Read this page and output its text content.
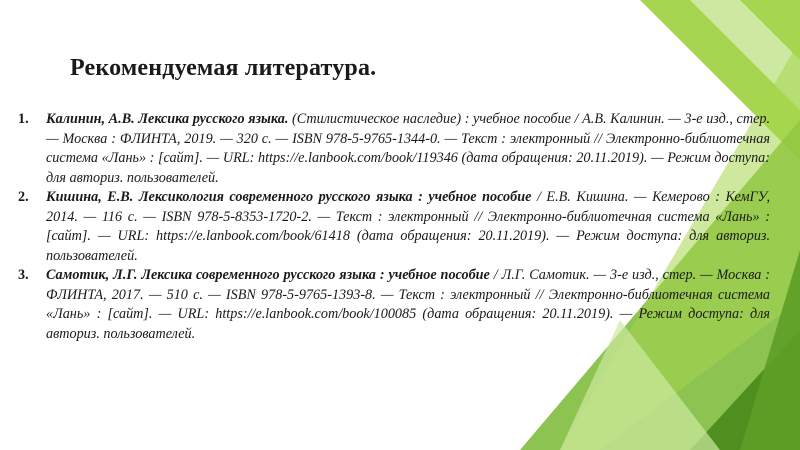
Рекомендуемая литература.
1.	Калинин, А.В. Лексика русского языка. (Стилистическое наследие) : учебное пособие / А.В. Калинин. — 3-е изд., стер. — Москва : ФЛИНТА, 2019. — 320 с. — ISBN 978-5-9765-1344-0. — Текст : электронный // Электронно-библиотечная система «Лань» : [сайт]. — URL: https://e.lanbook.com/book/119346 (дата обращения: 20.11.2019). — Режим доступа: для авториз. пользователей.
2.	Кишина, Е.В. Лексикология современного русского языка : учебное пособие / Е.В. Кишина. — Кемерово : КемГУ, 2014. — 116 с. — ISBN 978-5-8353-1720-2. — Текст : электронный // Электронно-библиотечная система «Лань» : [сайт]. — URL: https://e.lanbook.com/book/61418 (дата обращения: 20.11.2019). — Режим доступа: для авториз. пользователей.
3.	Самотик, Л.Г. Лексика современного русского языка : учебное пособие / Л.Г. Самотик. — 3-е изд., стер. — Москва : ФЛИНТА, 2017. — 510 с. — ISBN 978-5-9765-1393-8. — Текст : электронный // Электронно-библиотечная система «Лань» : [сайт]. — URL: https://e.lanbook.com/book/100085 (дата обращения: 20.11.2019). — Режим доступа: для авториз. пользователей.
